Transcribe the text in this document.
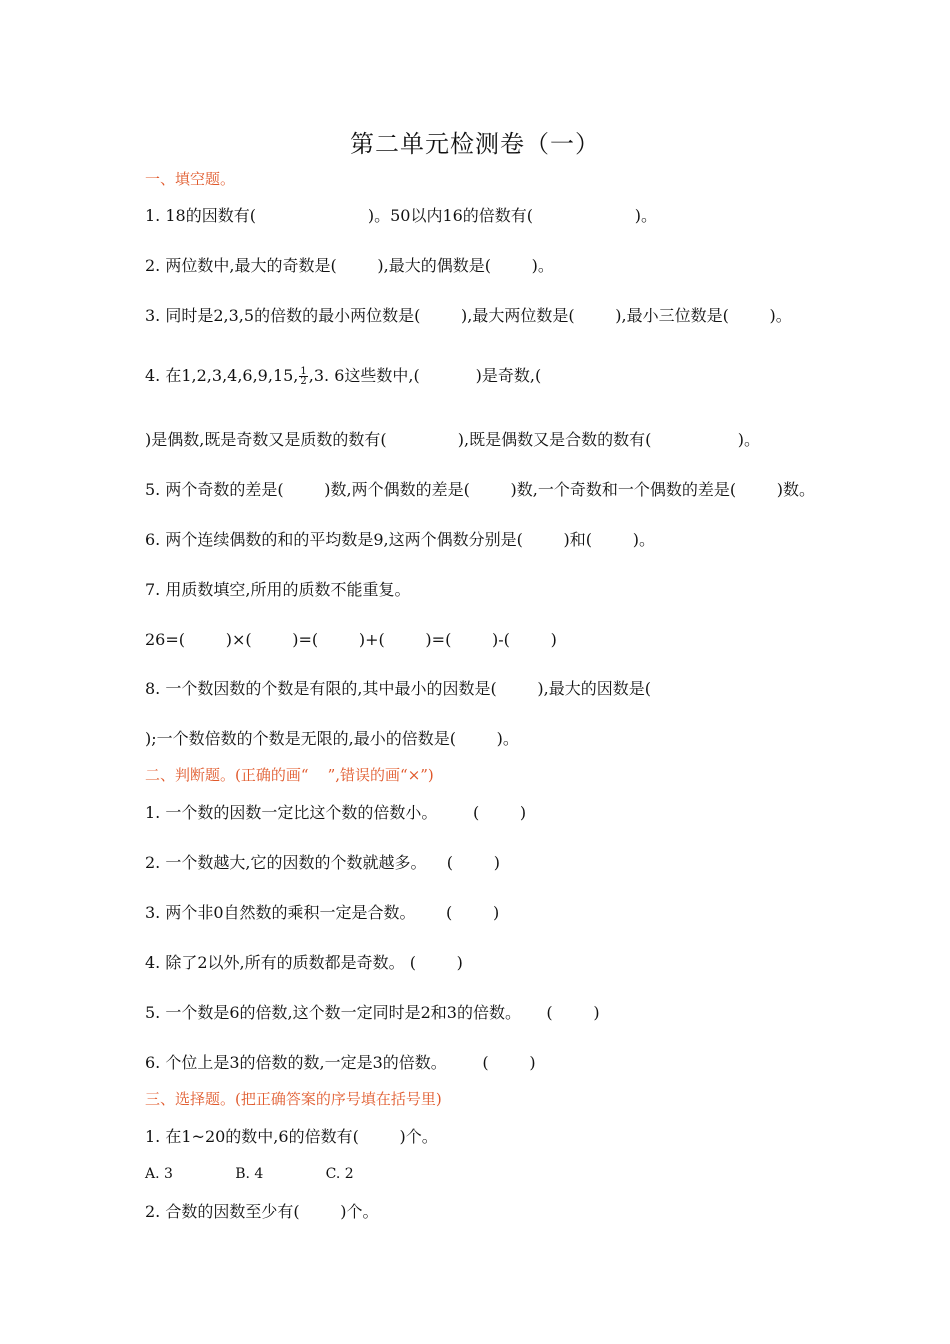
第二单元检测卷（一）
一、填空题。
1. 18的因数有(                      )。50以内16的倍数有(                    )。
2. 两位数中,最大的奇数是(        ),最大的偶数是(        )。
3. 同时是2,3,5的倍数的最小两位数是(        ),最大两位数是(        ),最小三位数是(        )。
4. 在1,2,3,4,6,9,15, $\frac{1}{2} ,3$. 6这些数中,(           )是奇数,(
)是偶数,既是奇数又是质数的数有(              ),既是偶数又是合数的数有(                 )。
5. 两个奇数的差是(        )数,两个偶数的差是(        )数,一个奇数和一个偶数的差是(        )数。
6. 两个连续偶数的和的平均数是9,这两个偶数分别是(        )和(        )。
7. 用质数填空,所用的质数不能重复。
26=(        )×(        )=(        )+(        )=(        )-(        )
8. 一个数因数的个数是有限的,其中最小的因数是(        ),最大的因数是(
);一个数倍数的个数是无限的,最小的倍数是(        )。
二、判断题。(正确的画“    ”,错误的画“×”)
1. 一个数的因数一定比这个数的倍数小。       (        )
2. 一个数越大,它的因数的个数就越多。    (        )
3. 两个非0自然数的乘积一定是合数。      (        )
4. 除了2以外,所有的质数都是奇数。 (        )
5. 一个数是6的倍数,这个数一定同时是2和3的倍数。     (        )
6. 个位上是3的倍数的数,一定是3的倍数。       (        )
三、选择题。(把正确答案的序号填在括号里)
1. 在1~20的数中,6的倍数有(        )个。
A. 3              B. 4              C. 2
2. 合数的因数至少有(        )个。
